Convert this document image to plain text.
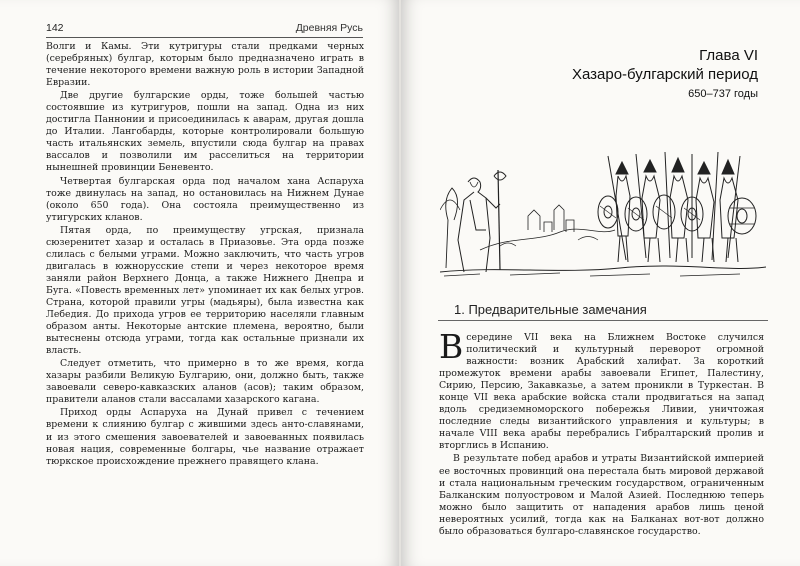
142	Древняя Русь

Волги и Камы. Эти кутригуры стали предками черных (серебряных) булгар, которым было предназначено играть в течение некоторого времени важную роль в истории Западной Евразии.

Две другие булгарские орды, тоже большей частью состоявшие из кутригуров, пошли на запад. Одна из них достигла Паннонии и присоединилась к аварам, другая дошла до Италии. Лангобарды, которые контролировали большую часть итальянских земель, впустили сюда булгар на правах вассалов и позволили им расселиться на территории нынешней провинции Беневенто.

Четвертая булгарская орда под началом хана Аспаруха тоже двинулась на запад, но остановилась на Нижнем Дунае (около 650 года). Она состояла преимущественно из утигурских кланов.

Пятая орда, по преимуществу угрская, признала сюзеренитет хазар и осталась в Приазовье. Эта орда позже слилась с белыми уграми. Можно заключить, что часть угров двигалась в южнорусские степи и через некоторое время заняли район Верхнего Донца, а также Нижнего Днепра и Буга. «Повесть временных лет» упоминает их как белых угров. Страна, которой правили угры (мадьяры), была известна как Лебедия. До прихода угров ее территорию населяли главным образом анты. Некоторые антские племена, вероятно, были вытеснены отсюда уграми, тогда как остальные признали их власть.

Следует отметить, что примерно в то же время, когда хазары разбили Великую Булгарию, они, должно быть, также завоевали северо-кавказских аланов (асов); таким образом, правители аланов стали вассалами хазарского кагана.

Приход орды Аспаруха на Дунай привел с течением времени к слиянию булгар с жившими здесь анто-славянами, и из этого смешения завоевателей и завоеванных появилась новая нация, современные болгары, чье название отражает тюркское происхождение прежнего правящего клана.

Глава VI
Хазаро-булгарский период
650–737 годы
1. Предварительные замечания

Всередине VII века на Ближнем Востоке случился политический и культурный переворот огромной важности: возник Арабский халифат. За короткий промежуток времени арабы завоевали Египет, Палестину, Сирию, Персию, Закавказье, а затем проникли в Туркестан. В конце VII века арабские войска стали продвигаться на запад вдоль средиземноморского побережья Ливии, уничтожая последние следы византийского управления и культуры; в начале VIII века арабы перебрались Гибралтарский пролив и вторглись в Испанию.

В результате побед арабов и утраты Византийской империей ее восточных провинций она перестала быть мировой державой и стала национальным греческим государством, ограниченным Балканским полуостровом и Малой Азией. Последнюю теперь можно было защитить от нападения арабов лишь ценой невероятных усилий, тогда как на Балканах вот-вот должно было образоваться булгаро-славянское государство.
